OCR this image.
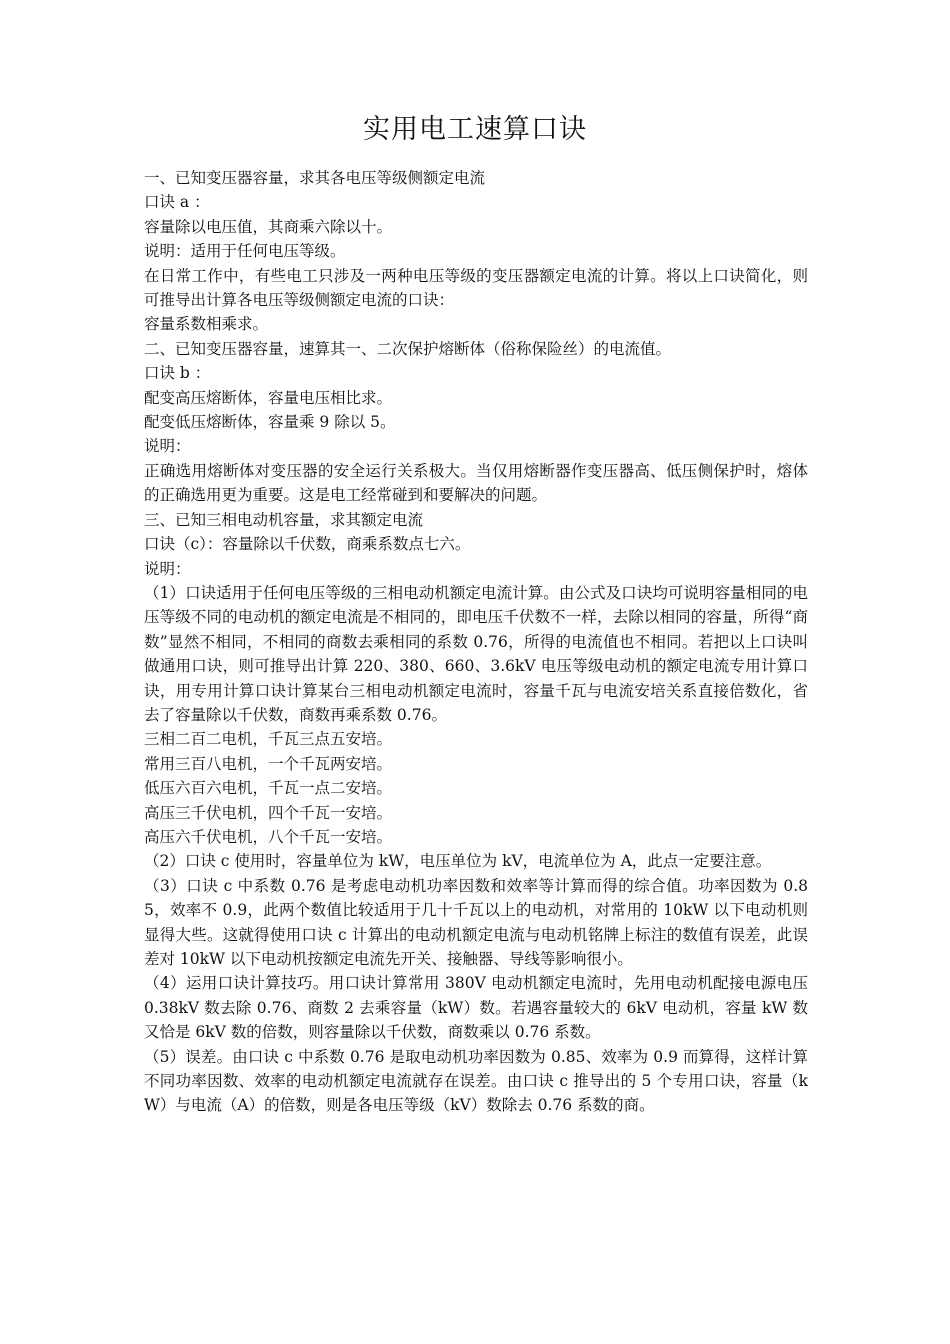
实用电工速算口诀

一、已知变压器容量，求其各电压等级侧额定电流

口诀 a ：

容量除以电压值，其商乘六除以十。

说明：适用于任何电压等级。

在日常工作中，有些电工只涉及一两种电压等级的变压器额定电流的计算。将以上口诀简化，则可推导出计算各电压等级侧额定电流的口诀：

容量系数相乘求。

二、已知变压器容量，速算其一、二次保护熔断体（俗称保险丝）的电流值。

口诀 b ：

配变高压熔断体，容量电压相比求。

配变低压熔断体，容量乘 9 除以 5。

说明：

正确选用熔断体对变压器的安全运行关系极大。当仅用熔断器作变压器高、低压侧保护时，熔体的正确选用更为重要。这是电工经常碰到和要解决的问题。

三、已知三相电动机容量，求其额定电流

口诀（c）：容量除以千伏数，商乘系数点七六。

说明：

（1）口诀适用于任何电压等级的三相电动机额定电流计算。由公式及口诀均可说明容量相同的电压等级不同的电动机的额定电流是不相同的，即电压千伏数不一样，去除以相同的容量，所得“商数”显然不相同，不相同的商数去乘相同的系数 0.76，所得的电流值也不相同。若把以上口诀叫做通用口诀，则可推导出计算 220、380、660、3.6kV 电压等级电动机的额定电流专用计算口诀，用专用计算口诀计算某台三相电动机额定电流时，容量千瓦与电流安培关系直接倍数化，省去了容量除以千伏数，商数再乘系数 0.76。

三相二百二电机，千瓦三点五安培。

常用三百八电机，一个千瓦两安培。

低压六百六电机，千瓦一点二安培。

高压三千伏电机，四个千瓦一安培。

高压六千伏电机，八个千瓦一安培。

（2）口诀 c 使用时，容量单位为 kW，电压单位为 kV，电流单位为 A，此点一定要注意。

（3）口诀 c 中系数 0.76 是考虑电动机功率因数和效率等计算而得的综合值。功率因数为 0.85，效率不 0.9，此两个数值比较适用于几十千瓦以上的电动机，对常用的 10kW 以下电动机则显得大些。这就得使用口诀 c 计算出的电动机额定电流与电动机铭牌上标注的数值有误差，此误差对 10kW 以下电动机按额定电流先开关、接触器、导线等影响很小。

（4）运用口诀计算技巧。用口诀计算常用 380V 电动机额定电流时，先用电动机配接电源电压 0.38kV 数去除 0.76、商数 2 去乘容量（kW）数。若遇容量较大的 6kV 电动机，容量 kW 数又恰是 6kV 数的倍数，则容量除以千伏数，商数乘以 0.76 系数。

（5）误差。由口诀 c 中系数 0.76 是取电动机功率因数为 0.85、效率为 0.9 而算得，这样计算不同功率因数、效率的电动机额定电流就存在误差。由口诀 c 推导出的 5 个专用口诀，容量（kW）与电流（A）的倍数，则是各电压等级（kV）数除去 0.76 系数的商。
